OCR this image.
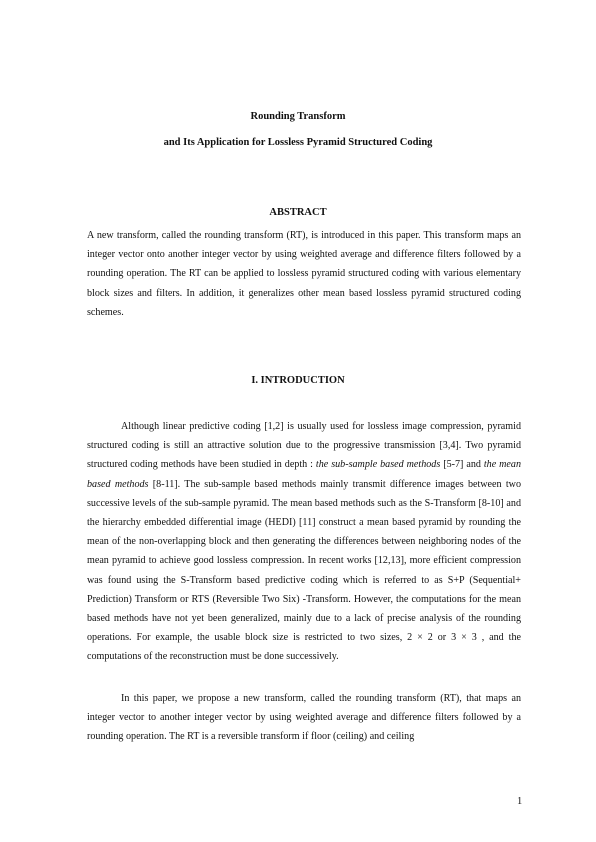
Rounding Transform
and Its Application for Lossless Pyramid Structured Coding
ABSTRACT

A new transform, called the rounding transform (RT), is introduced in this paper. This transform maps an integer vector onto another integer vector by using weighted average and difference filters followed by a rounding operation. The RT can be applied to lossless pyramid structured coding with various elementary block sizes and filters. In addition, it generalizes other mean based lossless pyramid structured coding schemes.

I. INTRODUCTION

Although linear predictive coding [1,2] is usually used for lossless image compression, pyramid structured coding is still an attractive solution due to the progressive transmission [3,4]. Two pyramid structured coding methods have been studied in depth : the sub-sample based methods [5-7] and the mean based methods [8-11]. The sub-sample based methods mainly transmit difference images between two successive levels of the sub-sample pyramid. The mean based methods such as the S-Transform [8-10] and the hierarchy embedded differential image (HEDI) [11] construct a mean based pyramid by rounding the mean of the non-overlapping block and then generating the differences between neighboring nodes of the mean pyramid to achieve good lossless compression. In recent works [12,13], more efficient compression was found using the S-Transform based predictive coding which is referred to as S+P (Sequential+ Prediction) Transform or RTS (Reversible Two Six) -Transform. However, the computations for the mean based methods have not yet been generalized, mainly due to a lack of precise analysis of the rounding operations. For example, the usable block size is restricted to two sizes, 2 × 2 or 3 × 3 , and the computations of the reconstruction must be done successively.

In this paper, we propose a new transform, called the rounding transform (RT), that maps an integer vector to another integer vector by using weighted average and difference filters followed by a rounding operation. The RT is a reversible transform if floor (ceiling) and ceiling

1
